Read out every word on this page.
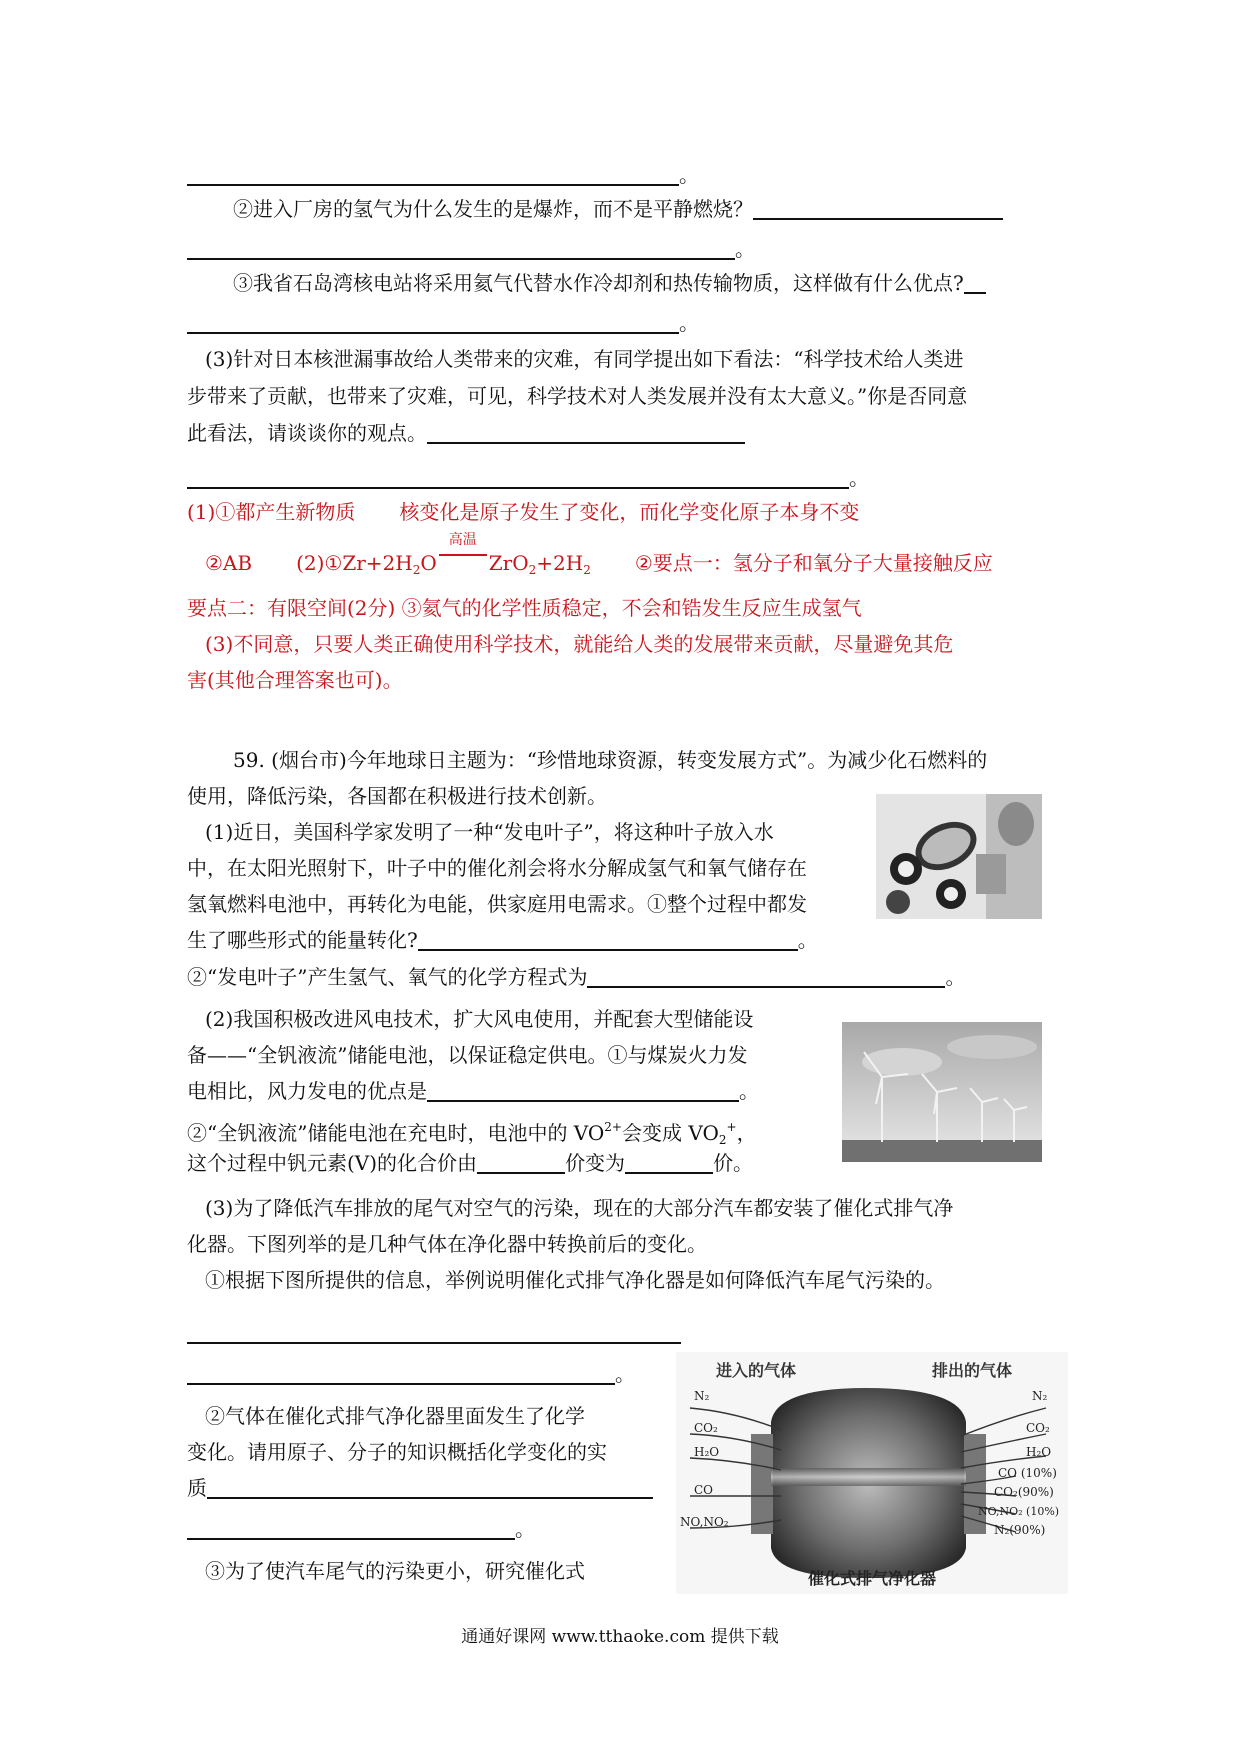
。
②进入厂房的氢气为什么发生的是爆炸，而不是平静燃烧？
。
③我省石岛湾核电站将采用氦气代替水作冷却剂和热传输物质，这样做有什么优点?
。
(3)针对日本核泄漏事故给人类带来的灾难，有同学提出如下看法：“科学技术给人类进
步带来了贡献，也带来了灾难，可见，科学技术对人类发展并没有太大意义。”你是否同意
此看法，请谈谈你的观点。
。
(1)①都产生新物质 核变化是原子发生了变化，而化学变化原子本身不变
②AB $(2)①Zr+2H_2O$
高温
$ZrO_2+2H_2$ ②要点一：氢分子和氧分子大量接触反应
要点二：有限空间(2分) ③氦气的化学性质稳定，不会和锆发生反应生成氢气
(3)不同意，只要人类正确使用科学技术，就能给人类的发展带来贡献，尽量避免其危
害(其他合理答案也可)。
59. (烟台市)今年地球日主题为：“珍惜地球资源，转变发展方式”。为减少化石燃料的
使用，降低污染，各国都在积极进行技术创新。
(1)近日，美国科学家发明了一种“发电叶子”，将这种叶子放入水
中，在太阳光照射下，叶子中的催化剂会将水分解成氢气和氧气储存在
氢氧燃料电池中，再转化为电能，供家庭用电需求。①整个过程中都发
生了哪些形式的能量转化?	。
②“发电叶子”产生氢气、氧气的化学方程式为	。
(2)我国积极改进风电技术，扩大风电使用，并配套大型储能设
备——“全钒液流”储能电池，以保证稳定供电。①与煤炭火力发
电相比，风力发电的优点是	。
②“全钒液流”储能电池在充电时，电池中的 $VO^{2+}$会变成 $VO_2^+$，
这个过程中钒元素(V)的化合价由	价变为	价。
(3)为了降低汽车排放的尾气对空气的污染，现在的大部分汽车都安装了催化式排气净
化器。下图列举的是几种气体在净化器中转换前后的变化。
①根据下图所提供的信息，举例说明催化式排气净化器是如何降低汽车尾气污染的。
。
②气体在催化式排气净化器里面发生了化学
变化。请用原子、分子的知识概括化学变化的实
质
。
③为了使汽车尾气的污染更小，研究催化式
进入的气体	排出的气体
N₂
CO₂
H₂O
CO
NO,NO₂
N₂
CO₂
H₂O
CO (10%)
CO₂(90%)
NO,NO₂ (10%)
N₂(90%)
催化式排气净化器
通通好课网 www.tthaoke.com 提供下载
